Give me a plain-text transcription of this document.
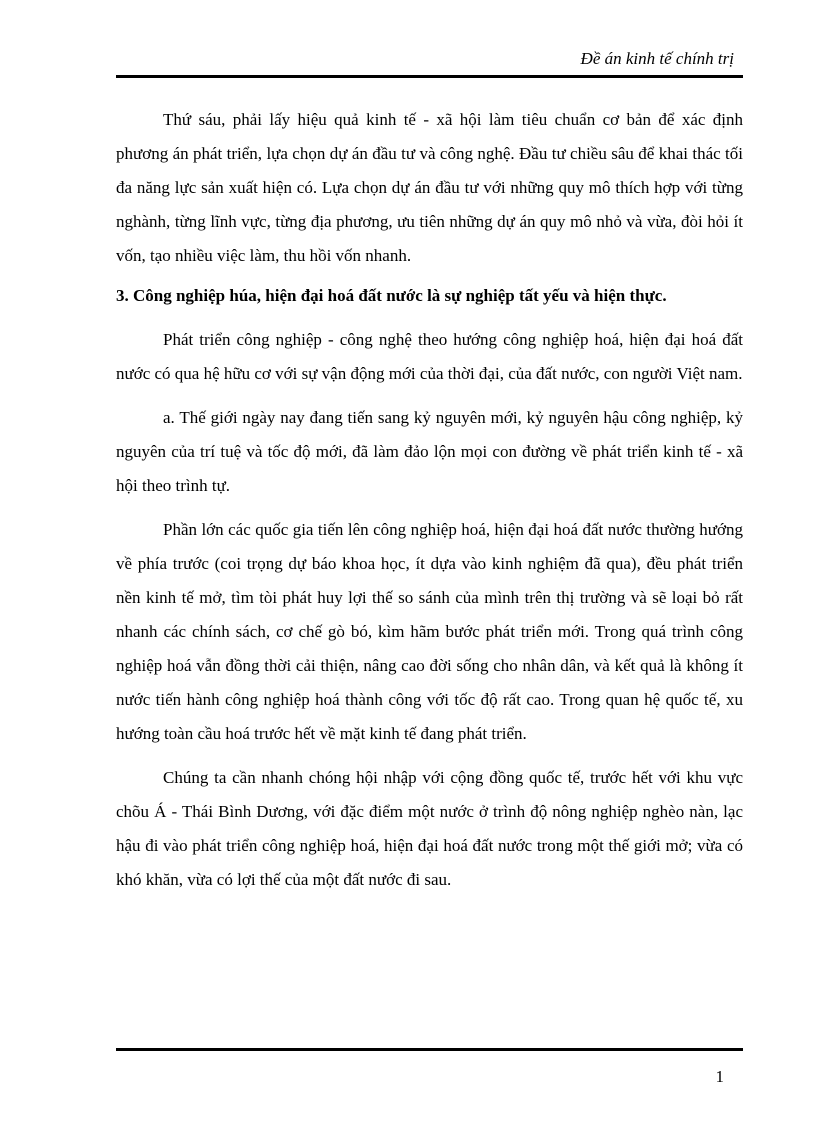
Đề án kinh tế chính trị

Thứ sáu, phải lấy hiệu quả kinh tế - xã hội làm tiêu chuẩn cơ bản để xác định phương án phát triển, lựa chọn dự án đầu tư và công nghệ. Đầu tư chiều sâu để khai thác tối đa năng lực sản xuất hiện có. Lựa chọn dự án đầu tư với những quy mô thích hợp với từng nghành, từng lĩnh vực, từng địa phương, ưu tiên những dự án quy mô nhỏ và vừa, đòi hỏi ít vốn, tạo nhiều việc làm, thu hồi vốn nhanh.

3. Công nghiệp húa, hiện đại hoá đất nước là sự nghiệp tất yếu và hiện thực.

Phát triển công nghiệp - công nghệ theo hướng công nghiệp hoá, hiện đại hoá đất nước có qua hệ hữu cơ với sự vận động mới của thời đại, của đất nước, con người Việt nam.

a. Thế giới ngày nay đang tiến sang kỷ nguyên mới, kỷ nguyên hậu công nghiệp, kỷ nguyên của trí tuệ và tốc độ mới, đã làm đảo lộn mọi con đường về phát triển kinh tế - xã hội theo trình tự.

Phần lớn các quốc gia tiến lên công nghiệp hoá, hiện đại hoá đất nước thường hướng về phía trước (coi trọng dự báo khoa học, ít dựa vào kinh nghiệm đã qua), đều phát triển nền kinh tế mở, tìm tòi phát huy lợi thế so sánh của mình trên thị trường và sẽ loại bỏ rất nhanh các chính sách, cơ chế gò bó, kìm hãm bước phát triển mới. Trong quá trình công nghiệp hoá vẫn đồng thời cải thiện, nâng cao đời sống cho nhân dân, và kết quả là không ít nước tiến hành công nghiệp hoá thành công với tốc độ rất cao. Trong quan hệ quốc tế, xu hướng toàn cầu hoá trước hết về mặt kinh tế đang phát triển.

Chúng ta cần nhanh chóng hội nhập với cộng đồng quốc tế, trước hết với khu vực chõu Á - Thái Bình Dương, với đặc điểm một nước ở trình độ nông nghiệp nghèo nàn, lạc hậu đi vào phát triển công nghiệp hoá, hiện đại hoá đất nước trong một thế giới mở; vừa có khó khăn, vừa có lợi thế của một đất nước đi sau.

1
